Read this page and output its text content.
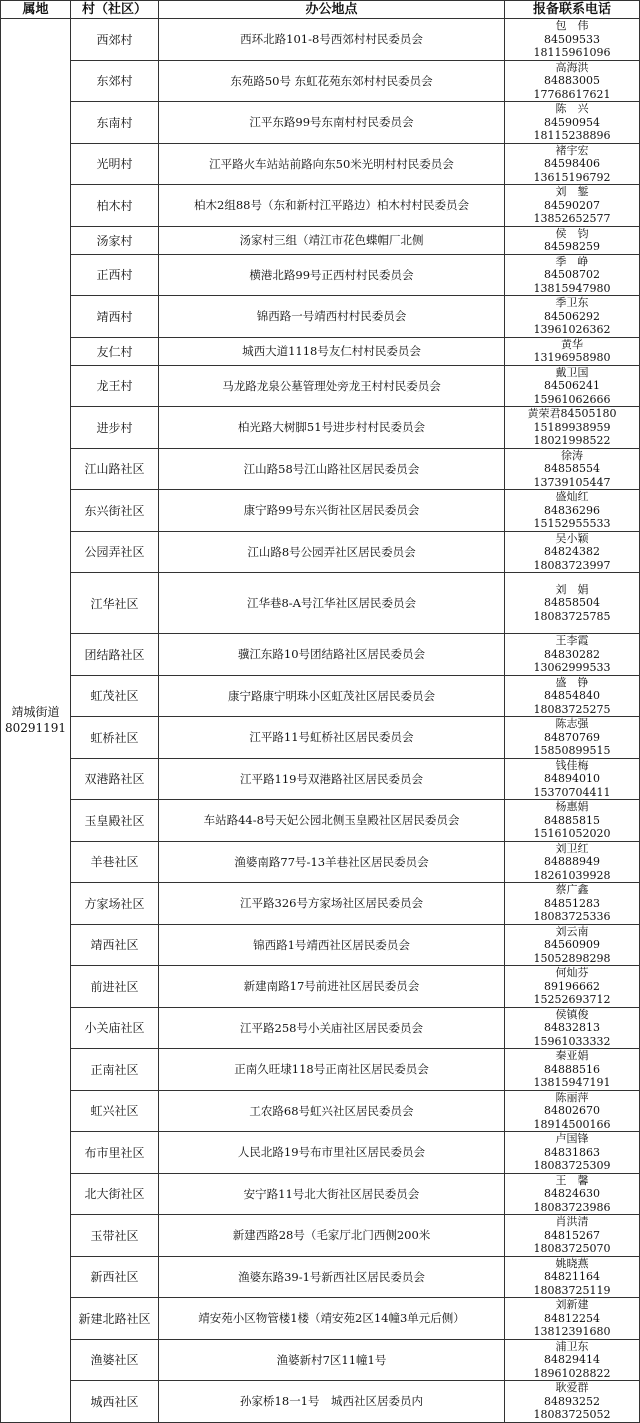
属地	村（社区）	办公地点	报备联系电话

靖城街道
80291191	西郊村	西环北路101-8号西郊村村民委员会	包　伟
84509533
18115961096

	东郊村	东苑路50号 东虹花苑东郊村村民委员会	高海洪
84883005
17768617621

	东南村	江平东路99号东南村村民委员会	陈　兴
84590954
18115238896

	光明村	江平路火车站站前路向东50米光明村村民委员会	褚宇宏
84598406
13615196792

	柏木村	柏木2组88号（东和新村江平路边）柏木村村民委员会	刘　錾
84590207
13852652577

	汤家村	汤家村三组（靖江市花色蝶帽厂北侧	侯　钧
84598259

	正西村	横港北路99号正西村村民委员会	季　峥
84508702
13815947980

	靖西村	锦西路一号靖西村村民委员会	季卫东
84506292
13961026362

	友仁村	城西大道1118号友仁村村民委员会	黄华
13196958980

	龙王村	马龙路龙泉公墓管理处旁龙王村村民委员会	戴卫国
84506241
15961062666

	进步村	柏光路大树脚51号进步村村民委员会	黄荣君84505180
15189938959
18021998522

	江山路社区	江山路58号江山路社区居民委员会	徐涛
84858554
13739105447

	东兴街社区	康宁路99号东兴街社区居民委员会	盛灿红
84836296
15152955533

	公园弄社区	江山路8号公园弄社区居民委员会	吴小颖
84824382
18083723997

	江华社区	江华巷8-A号江华社区居民委员会	刘　娟
84858504
18083725785

	团结路社区	骥江东路10号团结路社区居民委员会	王李霞
84830282
13062999533

	虹茂社区	康宁路康宁明珠小区虹茂社区居民委员会	盛　铮
84854840
18083725275

	虹桥社区	江平路11号虹桥社区居民委员会	陈志强
84870769
15850899515

	双港路社区	江平路119号双港路社区居民委员会	钱佳梅
84894010
15370704411

	玉皇殿社区	车站路44-8号天妃公园北侧玉皇殿社区居民委员会	杨惠娟
84885815
15161052020

	羊巷社区	渔婆南路77号-13羊巷社区居民委员会	刘卫红
84888949
18261039928

	方家场社区	江平路326号方家场社区居民委员会	蔡广鑫
84851283
18083725336

	靖西社区	锦西路1号靖西社区居民委员会	刘云南
84560909
15052898298

	前进社区	新建南路17号前进社区居民委员会	何灿芬
89196662
15252693712

	小关庙社区	江平路258号小关庙社区居民委员会	侯镇俊
84832813
15961033332

	正南社区	正南久旺埭118号正南社区居民委员会	秦亚娟
84888516
13815947191

	虹兴社区	工农路68号虹兴社区居民委员会	陈丽萍
84802670
18914500166

	布市里社区	人民北路19号布市里社区居民委员会	卢国锋
84831863
18083725309

	北大街社区	安宁路11号北大街社区居民委员会	王　馨
84824630
18083723986

	玉带社区	新建西路28号（毛家厅北门西侧200米	肖洪清
84815267
18083725070

	新西社区	渔婆东路39-1号新西社区居民委员会	姚晓燕
84821164
18083725119

	新建北路社区	靖安苑小区物管楼1楼（靖安苑2区14幢3单元后侧）	刘新建
84812254
13812391680

	渔婆社区	渔婆新村7区11幢1号	浦卫东
84829414
18961028822

	城西社区	孙家桥18一1号　城西社区居委员内	耿爱群
84893252
18083725052
